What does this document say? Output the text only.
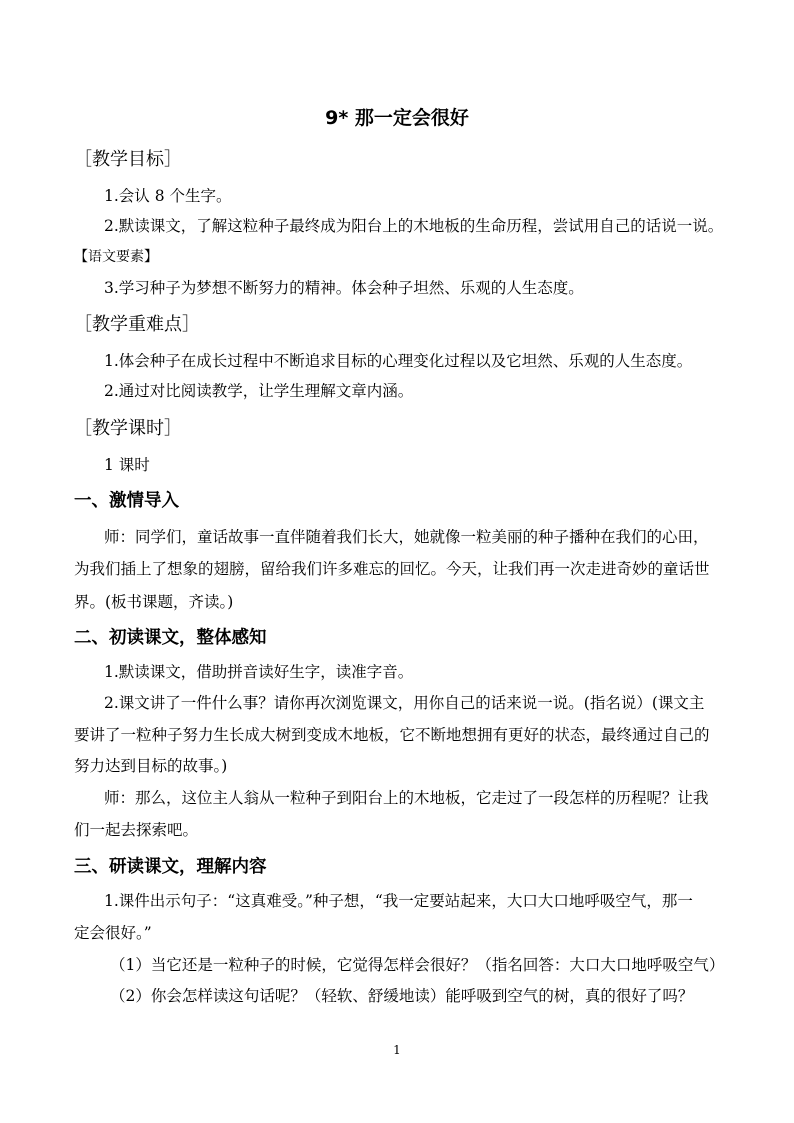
9* 那一定会很好
［教学目标］
1.会认 8 个生字。
2.默读课文，了解这粒种子最终成为阳台上的木地板的生命历程，尝试用自己的话说一说。
【语文要素】
3.学习种子为梦想不断努力的精神。体会种子坦然、乐观的人生态度。
［教学重难点］
1.体会种子在成长过程中不断追求目标的心理变化过程以及它坦然、乐观的人生态度。
2.通过对比阅读教学，让学生理解文章内涵。
［教学课时］
1 课时
一、激情导入
师：同学们，童话故事一直伴随着我们长大，她就像一粒美丽的种子播种在我们的心田，
为我们插上了想象的翅膀，留给我们许多难忘的回忆。今天，让我们再一次走进奇妙的童话世
界。(板书课题，齐读。)
二、初读课文，整体感知
1.默读课文，借助拼音读好生字，读准字音。
2.课文讲了一件什么事？请你再次浏览课文，用你自己的话来说一说。(指名说）(课文主
要讲了一粒种子努力生长成大树到变成木地板，它不断地想拥有更好的状态，最终通过自己的
努力达到目标的故事。)
师：那么，这位主人翁从一粒种子到阳台上的木地板，它走过了一段怎样的历程呢？让我
们一起去探索吧。
三、研读课文，理解内容
1.课件出示句子：“这真难受。”种子想，“我一定要站起来，大口大口地呼吸空气，那一
定会很好。”
（1）当它还是一粒种子的时候，它觉得怎样会很好？（指名回答：大口大口地呼吸空气）
（2）你会怎样读这句话呢？（轻软、舒缓地读）能呼吸到空气的树，真的很好了吗？
1
